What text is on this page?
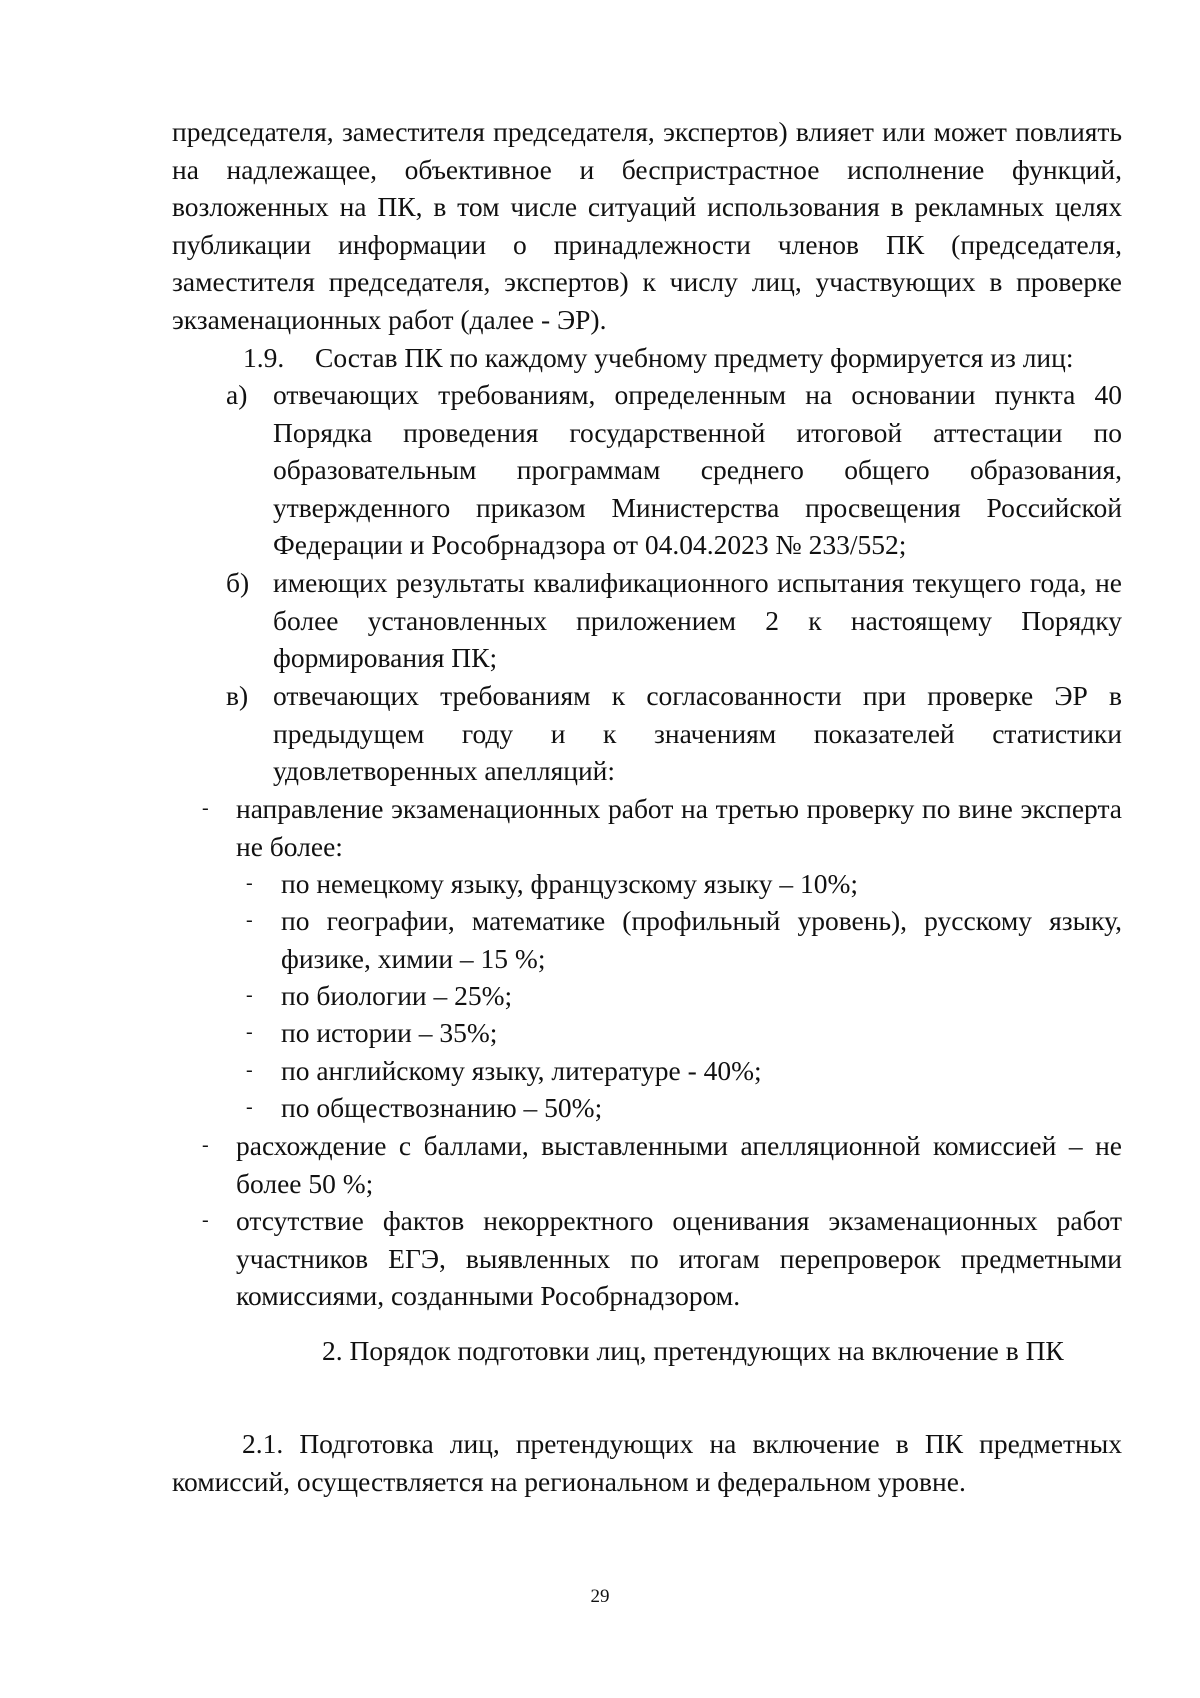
председателя, заместителя председателя, экспертов) влияет или может повлиять на надлежащее, объективное и беспристрастное исполнение функций, возложенных на ПК, в том числе ситуаций использования в рекламных целях публикации информации о принадлежности членов ПК (председателя, заместителя председателя, экспертов) к числу лиц, участвующих в проверке экзаменационных работ (далее - ЭР).

1.9. Состав ПК по каждому учебному предмету формируется из лиц:
а) отвечающих требованиям, определенным на основании пункта 40 Порядка проведения государственной итоговой аттестации по образовательным программам среднего общего образования, утвержденного приказом Министерства просвещения Российской Федерации и Рособрнадзора от 04.04.2023 № 233/552;
б) имеющих результаты квалификационного испытания текущего года, не более установленных приложением 2 к настоящему Порядку формирования ПК;
в) отвечающих требованиям к согласованности при проверке ЭР в предыдущем году и к значениям показателей статистики удовлетворенных апелляций:
- направление экзаменационных работ на третью проверку по вине эксперта не более:
- по немецкому языку, французскому языку – 10%;
- по географии, математике (профильный уровень), русскому языку, физике, химии – 15 %;
- по биологии – 25%;
- по истории – 35%;
- по английскому языку, литературе - 40%;
- по обществознанию – 50%;
- расхождение с баллами, выставленными апелляционной комиссией – не более 50 %;
- отсутствие фактов некорректного оценивания экзаменационных работ участников ЕГЭ, выявленных по итогам перепроверок предметными комиссиями, созданными Рособрнадзором.
2. Порядок подготовки лиц, претендующих на включение в ПК

2.1. Подготовка лиц, претендующих на включение в ПК предметных комиссий, осуществляется на региональном и федеральном уровне.

29
